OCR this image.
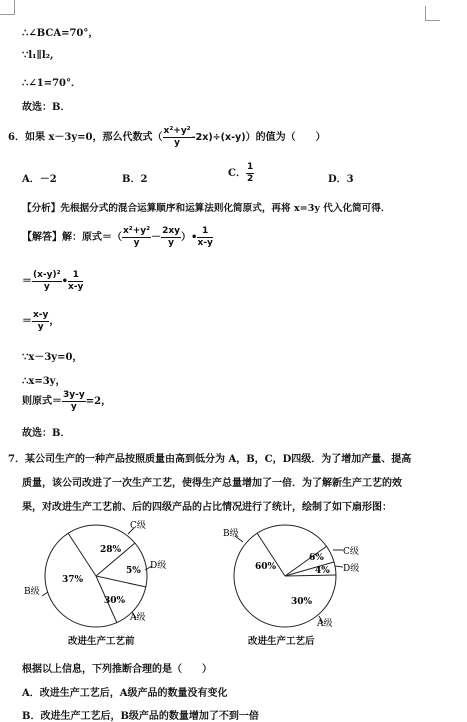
∴∠BCA=70°，
∵l₁∥l₂,
∴∠1=70°．
故选：B．
6．如果 x－3y=0，那么代数式（ $\frac{\text{x²+y²}}{y} -2x)\div(x-y)$）的值为（　　）
A．－2	B．2
C． $\frac{1}{2}$	D．3
【分析】先根据分式的混合运算顺序和运算法则化简原式，再将 x=3y 代入化简可得．
【解答】解：原式＝（ $\frac{\text{x²+y²}}{y} - \frac{2xy}{y}$ ）• $\frac{1}{x-y}$
＝ $\frac{\text{(x-y)²}}{y}$ • $\frac{1}{x-y}$
＝ $\frac{x-y}{y}$ ，
∵x－3y=0，
∴x=3y，
则原式＝ $\frac{3y-y}{y} =2$，
故选：B．
7．某公司生产的一种产品按照质量由高到低分为 A，B，C，D四级．为了增加产量、提高
质量，该公司改进了一次生产工艺，使得生产总量增加了一倍．为了解新生产工艺的效
果，对改进生产工艺前、后的四级产品的占比情况进行了统计，绘制了如下扇形图：
C级
28%
D级
5%
37%
B级
30%
A级
改进生产工艺前
B级
60%
C级
6%
4% D级
30%
A级
改进生产工艺后
根据以上信息，下列推断合理的是（　　）
A．改进生产工艺后，A级产品的数量没有变化
B．改进生产工艺后，B级产品的数量增加了不到一倍
